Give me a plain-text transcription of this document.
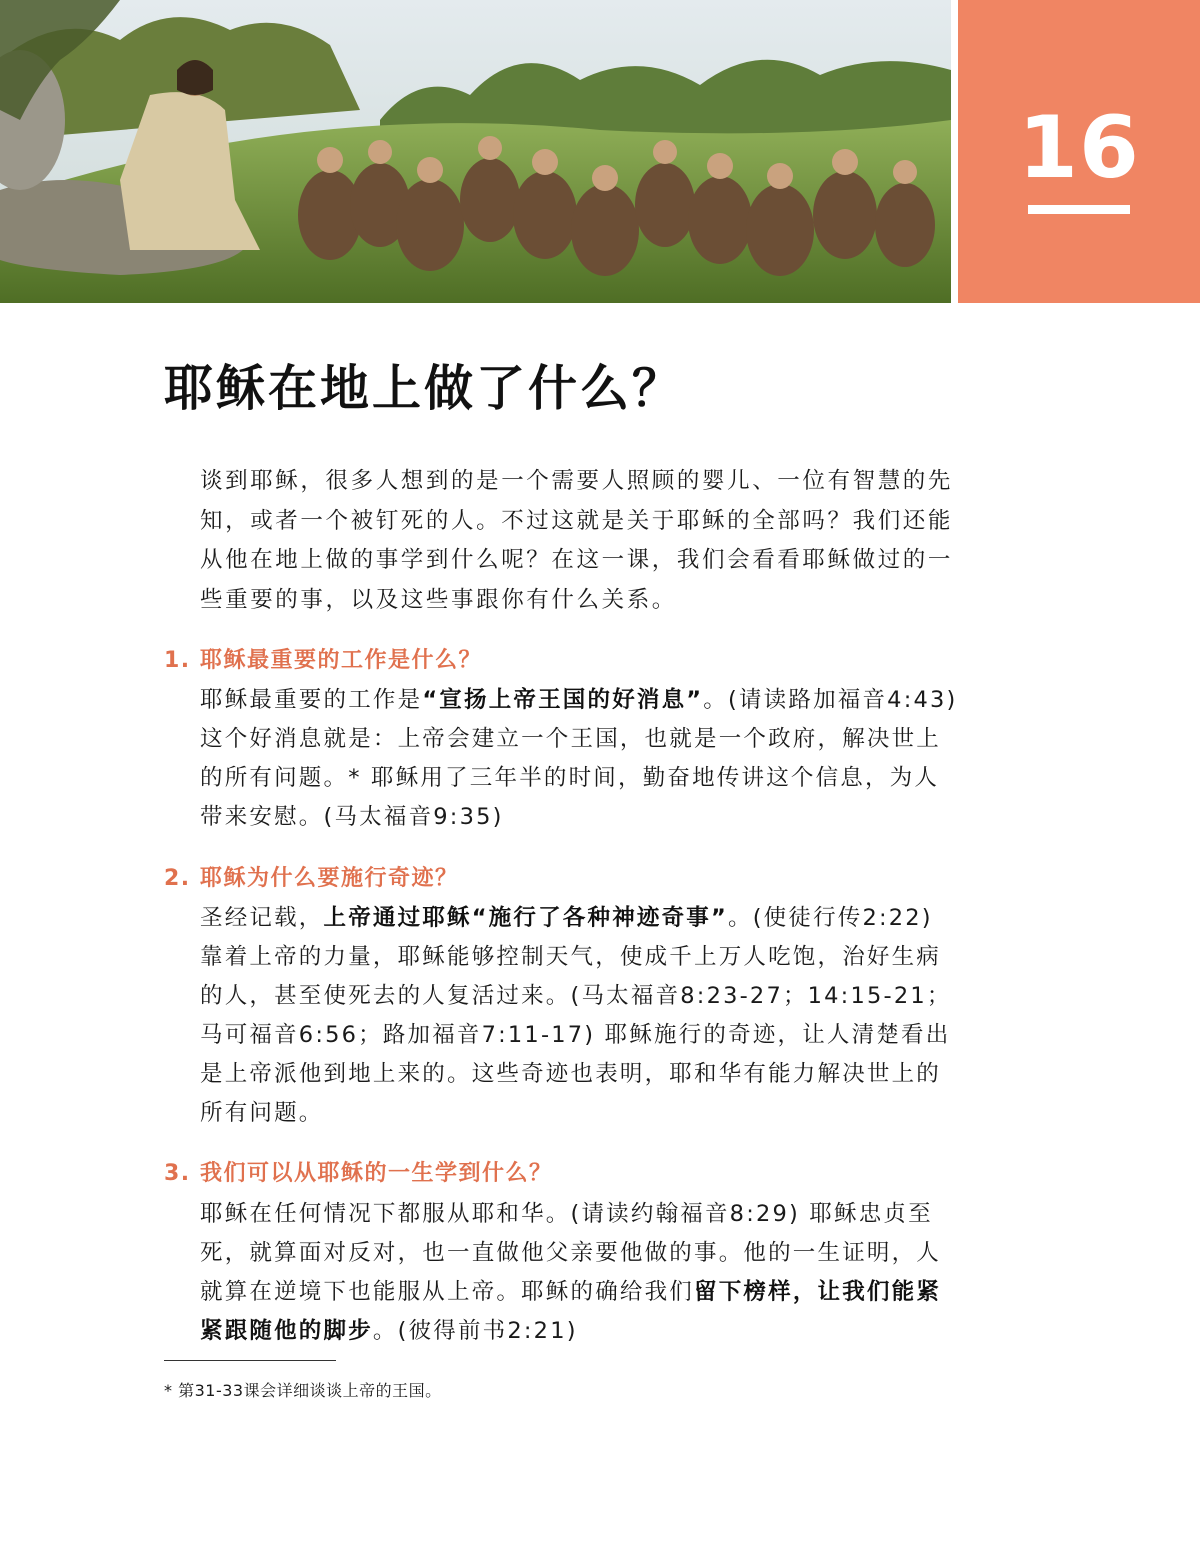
16
耶稣在地上做了什么？

谈到耶稣，很多人想到的是一个需要人照顾的婴儿、一位有智慧的先知，或者一个被钉死的人。不过这就是关于耶稣的全部吗？我们还能从他在地上做的事学到什么呢？在这一课，我们会看看耶稣做过的一些重要的事，以及这些事跟你有什么关系。

1. 耶稣最重要的工作是什么？

耶稣最重要的工作是“宣扬上帝王国的好消息”。(请读路加福音4:43) 这个好消息就是：上帝会建立一个王国，也就是一个政府，解决世上的所有问题。* 耶稣用了三年半的时间，勤奋地传讲这个信息，为人带来安慰。(马太福音9:35)

2. 耶稣为什么要施行奇迹？

圣经记载，上帝通过耶稣“施行了各种神迹奇事”。(使徒行传2:22) 靠着上帝的力量，耶稣能够控制天气，使成千上万人吃饱，治好生病的人，甚至使死去的人复活过来。(马太福音8:23-27；14:15-21；马可福音6:56；路加福音7:11-17) 耶稣施行的奇迹，让人清楚看出是上帝派他到地上来的。这些奇迹也表明，耶和华有能力解决世上的所有问题。

3. 我们可以从耶稣的一生学到什么？

耶稣在任何情况下都服从耶和华。(请读约翰福音8:29) 耶稣忠贞至死，就算面对反对，也一直做他父亲要他做的事。他的一生证明，人就算在逆境下也能服从上帝。耶稣的确给我们留下榜样，让我们能紧紧跟随他的脚步。(彼得前书2:21)

* 第31-33课会详细谈谈上帝的王国。
